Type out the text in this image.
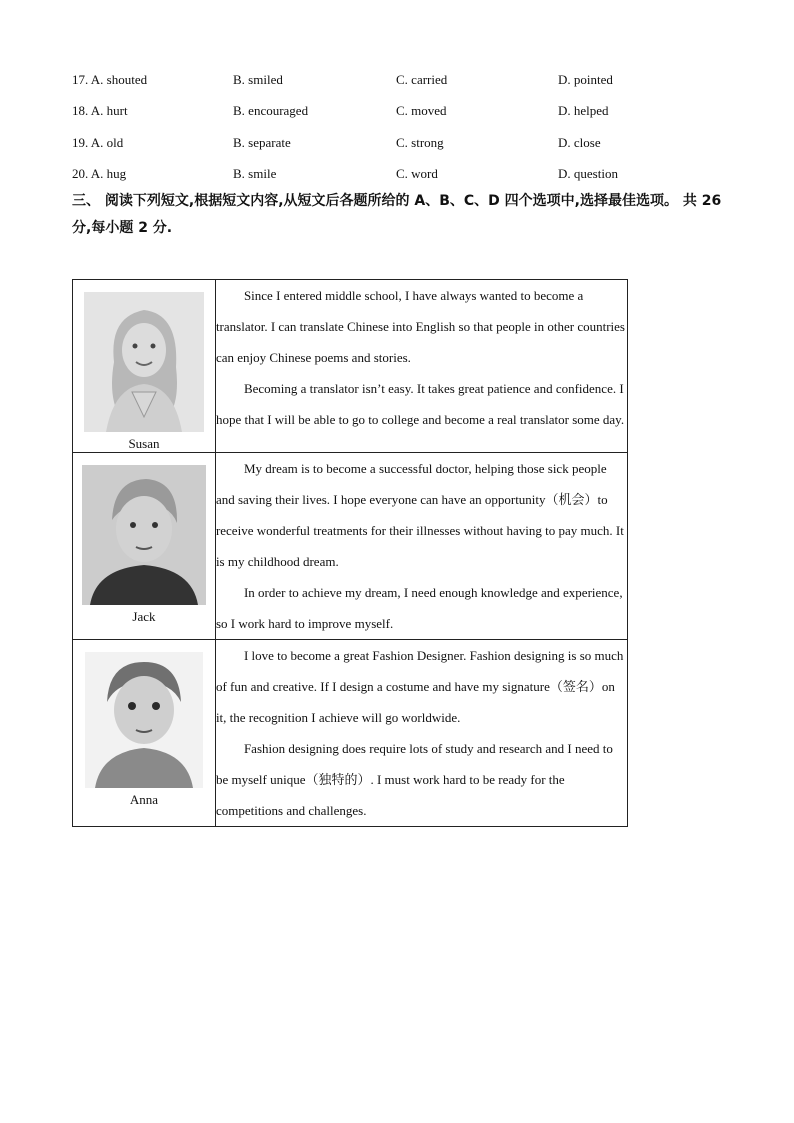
17. A. shouted	B. smiled	C. carried	D. pointed
18. A. hurt	B. encouraged	C. moved	D. helped
19. A. old	B. separate	C. strong	D. close
20. A. hug	B. smile	C. word	D. question
三、 阅读下列短文,根据短文内容,从短文后各题所给的 A、B、C、D 四个选项中,选择最佳选项。 共 26 分,每小题 2 分.
Susan	Since I entered middle school, I have always wanted to become a translator. I can translate Chinese into English so that people in other countries can enjoy Chinese poems and stories.
Becoming a translator isn’t easy. It takes great patience and confidence. I hope that I will be able to go to college and become a real translator some day.

Jack	My dream is to become a successful doctor, helping those sick people and saving their lives. I hope everyone can have an opportunity（机会）to receive wonderful treatments for their illnesses without having to pay much. It is my childhood dream.
In order to achieve my dream, I need enough knowledge and experience, so I work hard to improve myself.

Anna	I love to become a great Fashion Designer. Fashion designing is so much of fun and creative. If I design a costume and have my signature（签名）on it, the recognition I achieve will go worldwide.
Fashion designing does require lots of study and research and I need to be myself unique（独特的）. I must work hard to be ready for the competitions and challenges.
